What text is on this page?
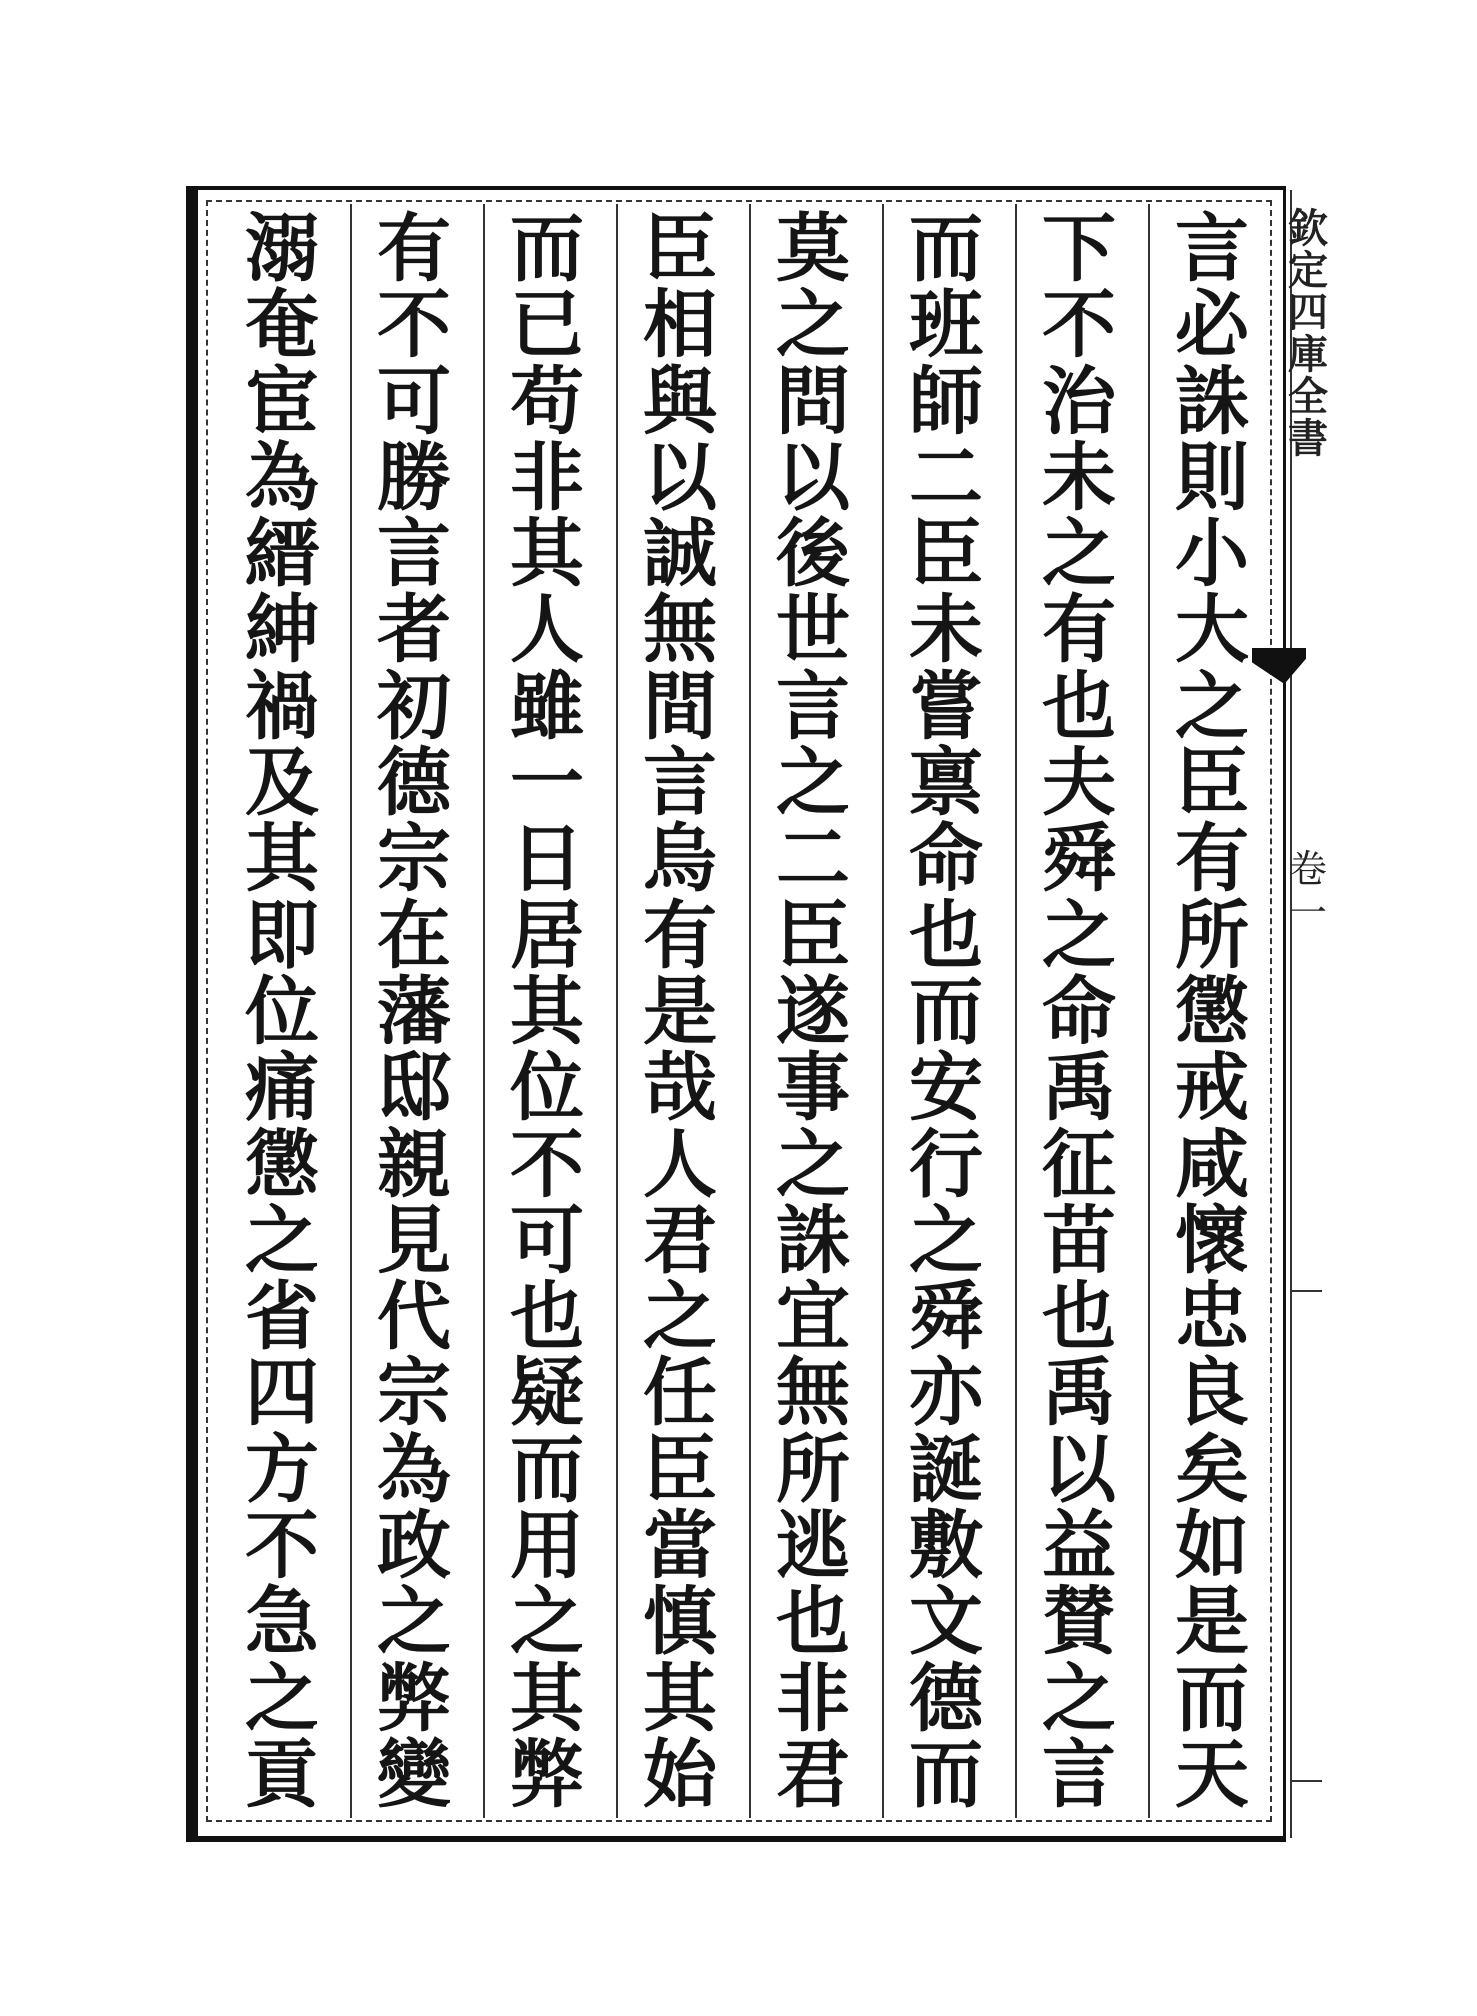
言
必
誅
則
小
大
之
臣
有
所
懲
戒
咸
懷
忠
良
矣
如
是
而
天
下
不
治
未
之
有
也
夫
舜
之
命
禹
征
苗
也
禹
以
益
賛
之
言
而
班
師
二
臣
未
嘗
禀
命
也
而
安
行
之
舜
亦
誕
敷
文
德
而
莫
之
問
以
後
世
言
之
二
臣
遂
事
之
誅
宜
無
所
逃
也
非
君
臣
相
與
以
誠
無
間
言
烏
有
是
哉
人
君
之
任
臣
當
慎
其
始
而
已
苟
非
其
人
雖
一
日
居
其
位
不
可
也
疑
而
用
之
其
弊
有
不
可
勝
言
者
初
德
宗
在
藩
邸
親
見
代
宗
為
政
之
弊
變
溺
奄
宦
為
縉
紳
禍
及
其
即
位
痛
懲
之
省
四
方
不
急
之
貢
欽
定
四
庫
全
書
卷
一
